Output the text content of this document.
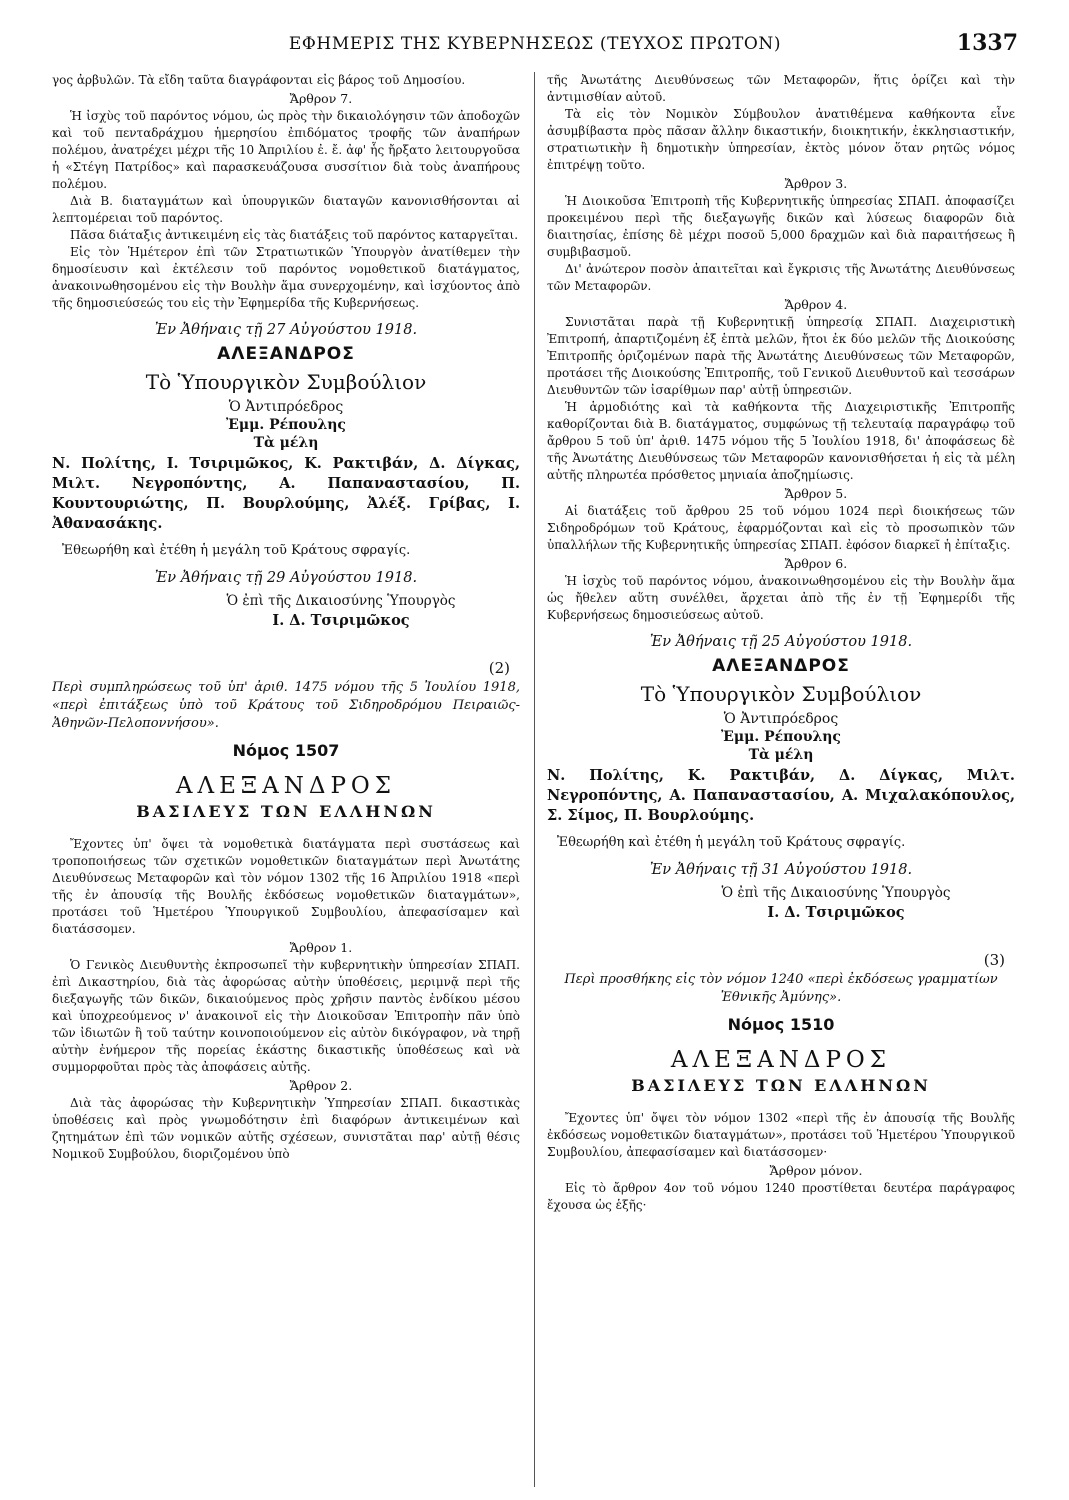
ΕΦΗΜΕΡΙΣ ΤΗΣ ΚΥΒΕΡΝΗΣΕΩΣ (ΤΕΥΧΟΣ ΠΡΩΤΟΝ)	1337

γος ἀρβυλῶν. Τὰ εἴδη ταῦτα διαγράφονται εἰς βάρος τοῦ Δημοσίου.

Ἄρθρον 7.

Ἡ ἰσχὺς τοῦ παρόντος νόμου, ὡς πρὸς τὴν δικαιολόγησιν τῶν ἀποδοχῶν καὶ τοῦ πενταδράχμου ἡμερησίου ἐπιδόματος τροφῆς τῶν ἀναπήρων πολέμου, ἀνατρέχει μέχρι τῆς 10 Ἀπριλίου ἐ. ἔ. ἀφ' ἧς ἤρξατο λειτουργοῦσα ἡ «Στέγη Πατρίδος» καὶ παρασκευάζουσα συσσίτιον διὰ τοὺς ἀναπήρους πολέμου.

Διὰ Β. διαταγμάτων καὶ ὑπουργικῶν διαταγῶν κανονισθήσονται αἱ λεπτομέρειαι τοῦ παρόντος.

Πᾶσα διάταξις ἀντικειμένη εἰς τὰς διατάξεις τοῦ παρόντος καταργεῖται.

Εἰς τὸν Ἡμέτερον ἐπὶ τῶν Στρατιωτικῶν Ὑπουργὸν ἀνατίθεμεν τὴν δημοσίευσιν καὶ ἐκτέλεσιν τοῦ παρόντος νομοθετικοῦ διατάγματος, ἀνακοινωθησομένου εἰς τὴν Βουλὴν ἅμα συνερχομένην, καὶ ἰσχύοντος ἀπὸ τῆς δημοσιεύσεώς του εἰς τὴν Ἐφημερίδα τῆς Κυβερνήσεως.

Ἐν Ἀθήναις τῇ 27 Αὐγούστου 1918.
ΑΛΕΞΑΝΔΡΟΣ
Τὸ Ὑπουργικὸν Συμβούλιον
Ὁ Ἀντιπρόεδρος
Ἐμμ. Ρέπουλης
Τὰ μέλη

Ν. Πολίτης, Ι. Τσιριμῶκος, Κ. Ρακτιβάν, Δ. Δίγκας, Μιλτ. Νεγροπόντης, Α. Παπαναστασίου, Π. Κουντουριώτης, Π. Βουρλούμης, Ἀλέξ. Γρίβας, Ι. Ἀθανασάκης.

Ἐθεωρήθη καὶ ἐτέθη ἡ μεγάλη τοῦ Κράτους σφραγίς.
Ἐν Ἀθήναις τῇ 29 Αὐγούστου 1918.
Ὁ ἐπὶ τῆς Δικαιοσύνης Ὑπουργὸς
Ι. Δ. Τσιριμῶκος
(2)

Περὶ συμπληρώσεως τοῦ ὑπ' ἀριθ. 1475 νόμου τῆς 5 Ἰουλίου 1918, «περὶ ἐπιτάξεως ὑπὸ τοῦ Κράτους τοῦ Σιδηροδρόμου Πειραιῶς-Ἀθηνῶν-Πελοποννήσου».

Νόμος 1507
ΑΛΕΞΑΝΔΡΟΣ
ΒΑΣΙΛΕΥΣ ΤΩΝ ΕΛΛΗΝΩΝ

Ἔχοντες ὑπ' ὄψει τὰ νομοθετικὰ διατάγματα περὶ συστάσεως καὶ τροποποιήσεως τῶν σχετικῶν νομοθετικῶν διαταγμάτων περὶ Ἀνωτάτης Διευθύνσεως Μεταφορῶν καὶ τὸν νόμον 1302 τῆς 16 Ἀπριλίου 1918 «περὶ τῆς ἐν ἀπουσίᾳ τῆς Βουλῆς ἐκδόσεως νομοθετικῶν διαταγμάτων», προτάσει τοῦ Ἡμετέρου Ὑπουργικοῦ Συμβουλίου, ἀπεφασίσαμεν καὶ διατάσσομεν.

Ἄρθρον 1.

Ὁ Γενικὸς Διευθυντὴς ἐκπροσωπεῖ τὴν κυβερνητικὴν ὑπηρεσίαν ΣΠΑΠ. ἐπὶ Δικαστηρίου, διὰ τὰς ἀφορώσας αὐτὴν ὑποθέσεις, μεριμνᾷ περὶ τῆς διεξαγωγῆς τῶν δικῶν, δικαιούμενος πρὸς χρῆσιν παντὸς ἐνδίκου μέσου καὶ ὑποχρεούμενος ν' ἀνακοινοῖ εἰς τὴν Διοικοῦσαν Ἐπιτροπὴν πᾶν ὑπὸ τῶν ἰδιωτῶν ἢ τοῦ ταύτην κοινοποιούμενον εἰς αὐτὸν δικόγραφον, νὰ τηρῇ αὐτὴν ἐνήμερον τῆς πορείας ἑκάστης δικαστικῆς ὑποθέσεως καὶ νὰ συμμορφοῦται πρὸς τὰς ἀποφάσεις αὐτῆς.

Ἄρθρον 2.

Διὰ τὰς ἀφορώσας τὴν Κυβερνητικὴν Ὑπηρεσίαν ΣΠΑΠ. δικαστικὰς ὑποθέσεις καὶ πρὸς γνωμοδότησιν ἐπὶ διαφόρων ἀντικειμένων καὶ ζητημάτων ἐπὶ τῶν νομικῶν αὐτῆς σχέσεων, συνιστᾶται παρ' αὐτῇ θέσις Νομικοῦ Συμβούλου, διοριζομένου ὑπὸ

τῆς Ἀνωτάτης Διευθύνσεως τῶν Μεταφορῶν, ἥτις ὁρίζει καὶ τὴν ἀντιμισθίαν αὐτοῦ.

Τὰ εἰς τὸν Νομικὸν Σύμβουλον ἀνατιθέμενα καθήκοντα εἶνε ἀσυμβίβαστα πρὸς πᾶσαν ἄλλην δικαστικήν, διοικητικήν, ἐκκλησιαστικήν, στρατιωτικὴν ἢ δημοτικὴν ὑπηρεσίαν, ἐκτὸς μόνον ὅταν ρητῶς νόμος ἐπιτρέψῃ τοῦτο.

Ἄρθρον 3.

Ἡ Διοικοῦσα Ἐπιτροπὴ τῆς Κυβερνητικῆς ὑπηρεσίας ΣΠΑΠ. ἀποφασίζει προκειμένου περὶ τῆς διεξαγωγῆς δικῶν καὶ λύσεως διαφορῶν διὰ διαιτησίας, ἐπίσης δὲ μέχρι ποσοῦ 5,000 δραχμῶν καὶ διὰ παραιτήσεως ἢ συμβιβασμοῦ.

Δι' ἀνώτερον ποσὸν ἀπαιτεῖται καὶ ἔγκρισις τῆς Ἀνωτάτης Διευθύνσεως τῶν Μεταφορῶν.

Ἄρθρον 4.

Συνιστᾶται παρὰ τῇ Κυβερνητικῇ ὑπηρεσίᾳ ΣΠΑΠ. Διαχειριστικὴ Ἐπιτροπή, ἀπαρτιζομένη ἐξ ἑπτὰ μελῶν, ἤτοι ἐκ δύο μελῶν τῆς Διοικούσης Ἐπιτροπῆς ὁριζομένων παρὰ τῆς Ἀνωτάτης Διευθύνσεως τῶν Μεταφορῶν, προτάσει τῆς Διοικούσης Ἐπιτροπῆς, τοῦ Γενικοῦ Διευθυντοῦ καὶ τεσσάρων Διευθυντῶν τῶν ἰσαρίθμων παρ' αὐτῇ ὑπηρεσιῶν.

Ἡ ἁρμοδιότης καὶ τὰ καθήκοντα τῆς Διαχειριστικῆς Ἐπιτροπῆς καθορίζονται διὰ Β. διατάγματος, συμφώνως τῇ τελευταίᾳ παραγράφῳ τοῦ ἄρθρου 5 τοῦ ὑπ' ἀριθ. 1475 νόμου τῆς 5 Ἰουλίου 1918, δι' ἀποφάσεως δὲ τῆς Ἀνωτάτης Διευθύνσεως τῶν Μεταφορῶν κανονισθήσεται ἡ εἰς τὰ μέλη αὐτῆς πληρωτέα πρόσθετος μηνιαία ἀποζημίωσις.

Ἄρθρον 5.

Αἱ διατάξεις τοῦ ἄρθρου 25 τοῦ νόμου 1024 περὶ διοικήσεως τῶν Σιδηροδρόμων τοῦ Κράτους, ἐφαρμόζονται καὶ εἰς τὸ προσωπικὸν τῶν ὑπαλλήλων τῆς Κυβερνητικῆς ὑπηρεσίας ΣΠΑΠ. ἐφόσον διαρκεῖ ἡ ἐπίταξις.

Ἄρθρον 6.

Ἡ ἰσχὺς τοῦ παρόντος νόμου, ἀνακοινωθησομένου εἰς τὴν Βουλὴν ἅμα ὡς ἤθελεν αὕτη συνέλθει, ἄρχεται ἀπὸ τῆς ἐν τῇ Ἐφημερίδι τῆς Κυβερνήσεως δημοσιεύσεως αὐτοῦ.

Ἐν Ἀθήναις τῇ 25 Αὐγούστου 1918.
ΑΛΕΞΑΝΔΡΟΣ
Τὸ Ὑπουργικὸν Συμβούλιον
Ὁ Ἀντιπρόεδρος
Ἐμμ. Ρέπουλης
Τὰ μέλη

Ν. Πολίτης, Κ. Ρακτιβάν, Δ. Δίγκας, Μιλτ. Νεγροπόντης, Α. Παπαναστασίου, Α. Μιχαλακόπουλος, Σ. Σίμος, Π. Βουρλούμης.

Ἐθεωρήθη καὶ ἐτέθη ἡ μεγάλη τοῦ Κράτους σφραγίς.
Ἐν Ἀθήναις τῇ 31 Αὐγούστου 1918.
Ὁ ἐπὶ τῆς Δικαιοσύνης Ὑπουργὸς
Ι. Δ. Τσιριμῶκος
(3)

Περὶ προσθήκης εἰς τὸν νόμον 1240 «περὶ ἐκδόσεως γραμματίων Ἐθνικῆς Ἀμύνης».

Νόμος 1510
ΑΛΕΞΑΝΔΡΟΣ
ΒΑΣΙΛΕΥΣ ΤΩΝ ΕΛΛΗΝΩΝ

Ἔχοντες ὑπ' ὄψει τὸν νόμον 1302 «περὶ τῆς ἐν ἀπουσίᾳ τῆς Βουλῆς ἐκδόσεως νομοθετικῶν διαταγμάτων», προτάσει τοῦ Ἡμετέρου Ὑπουργικοῦ Συμβουλίου, ἀπεφασίσαμεν καὶ διατάσσομεν·

Ἄρθρον μόνον.

Εἰς τὸ ἄρθρον 4ον τοῦ νόμου 1240 προστίθεται δευτέρα παράγραφος ἔχουσα ὡς ἑξῆς·
